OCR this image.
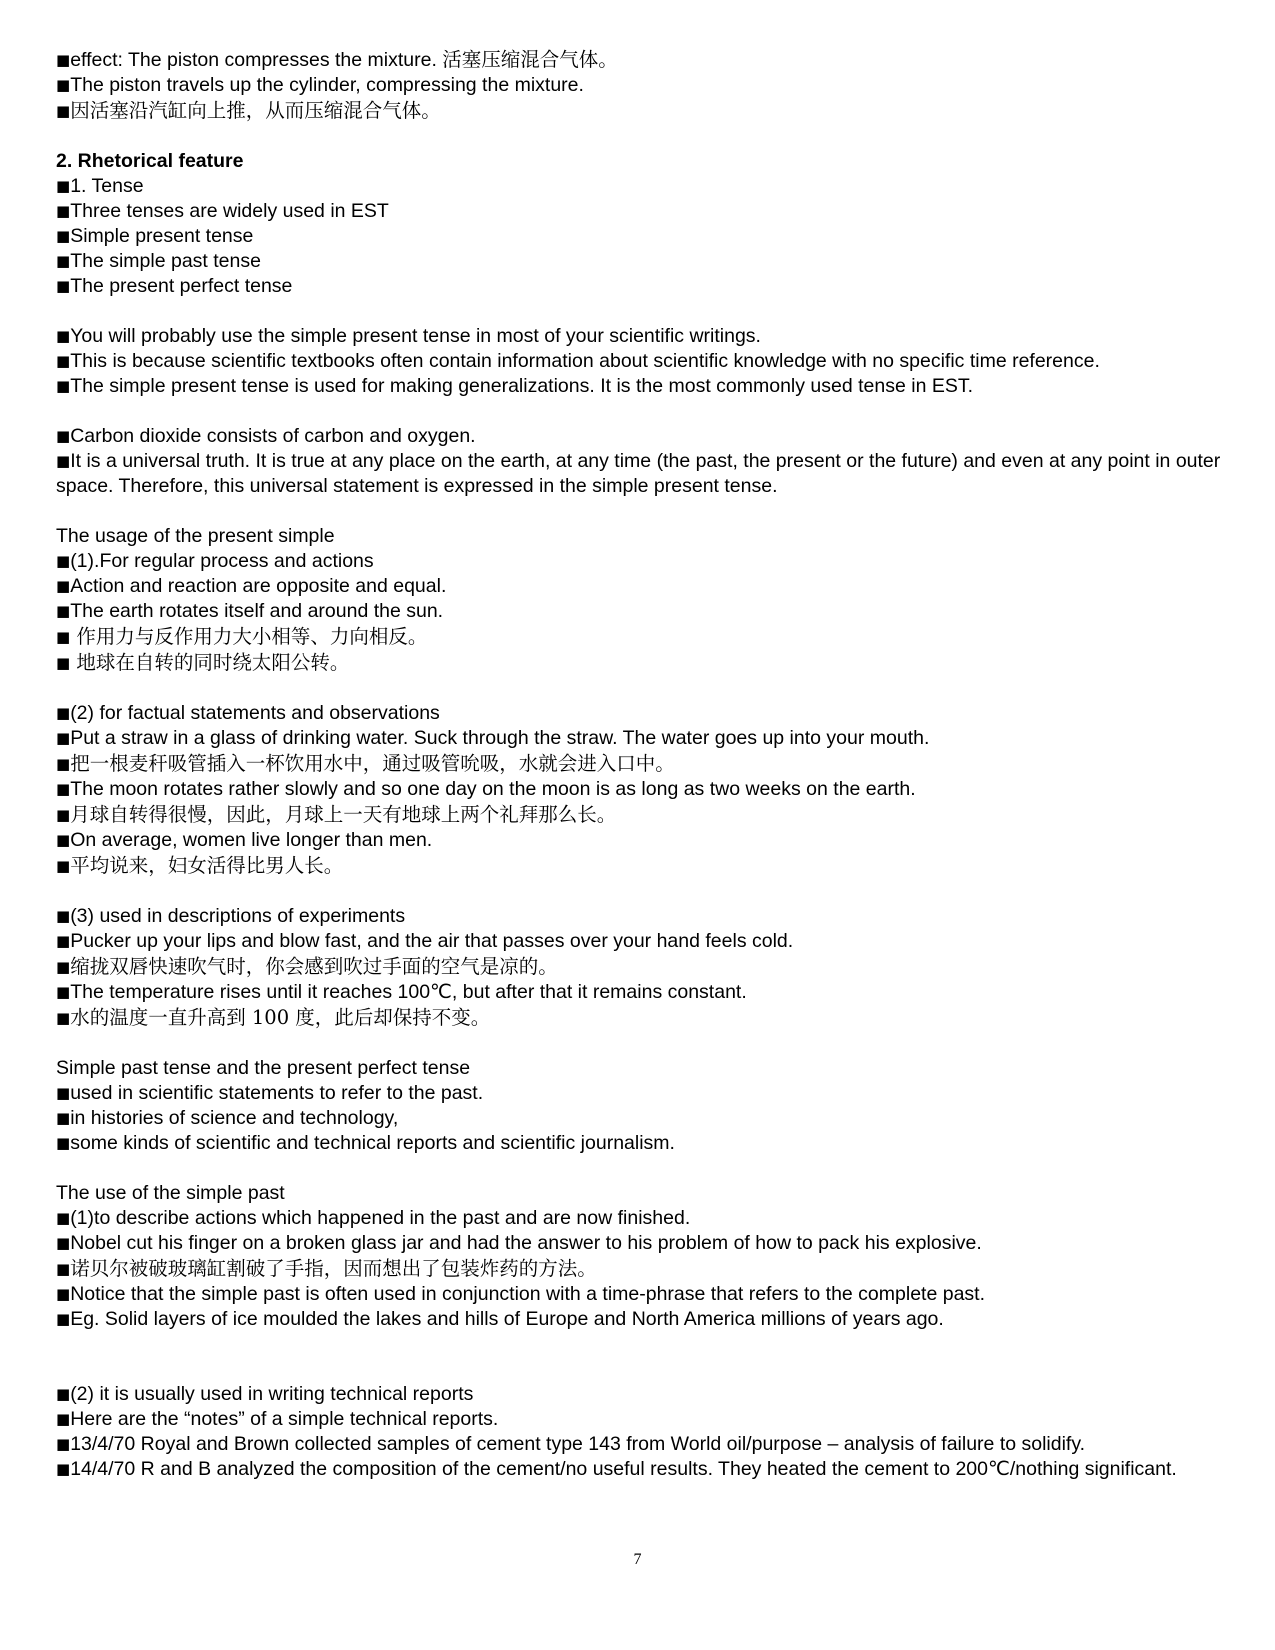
■effect: The piston compresses the mixture. 活塞压缩混合气体。
■The piston travels up the cylinder, compressing the mixture.
■因活塞沿汽缸向上推，从而压缩混合气体。
2. Rhetorical feature
■1. Tense
■Three tenses are widely used in EST
■Simple present tense
■The simple past tense
■The present perfect tense
■You will probably use the simple present tense in most of your scientific writings.
■This is because scientific textbooks often contain information about scientific knowledge with no specific time reference.
■The simple present tense is used for making generalizations. It is the most commonly used tense in EST.
■Carbon dioxide consists of carbon and oxygen.
■It is a universal truth. It is true at any place on the earth, at any time (the past, the present or the future) and even at any point in outer space. Therefore, this universal statement is expressed in the simple present tense.
The usage of the present simple
■(1).For regular process and actions
■Action and reaction are opposite and equal.
■The earth rotates itself and around the sun.
■ 作用力与反作用力大小相等、力向相反。
■ 地球在自转的同时绕太阳公转。
■(2) for factual statements and observations
■Put a straw in a glass of drinking water. Suck through the straw. The water goes up into your mouth.
■把一根麦秆吸管插入一杯饮用水中，通过吸管吮吸，水就会进入口中。
■The moon rotates rather slowly and so one day on the moon is as long as two weeks on the earth.
■月球自转得很慢，因此，月球上一天有地球上两个礼拜那么长。
■On average, women live longer than men.
■平均说来，妇女活得比男人长。
■(3) used in descriptions of experiments
■Pucker up your lips and blow fast, and the air that passes over your hand feels cold.
■缩拢双唇快速吹气时，你会感到吹过手面的空气是凉的。
■The temperature rises until it reaches 100℃, but after that it remains constant.
■水的温度一直升高到 100 度，此后却保持不变。
Simple past tense and the present perfect tense
■used in scientific statements to refer to the past.
■in histories of science and technology,
■some kinds of scientific and technical reports and scientific journalism.
The use of the simple past
■(1)to describe actions which happened in the past and are now finished.
■Nobel cut his finger on a broken glass jar and had the answer to his problem of how to pack his explosive.
■诺贝尔被破玻璃缸割破了手指，因而想出了包装炸药的方法。
■Notice that the simple past is often used in conjunction with a time-phrase that refers to the complete past.
■Eg. Solid layers of ice moulded the lakes and hills of Europe and North America millions of years ago.
■(2) it is usually used in writing technical reports
■Here are the “notes” of a simple technical reports.
■13/4/70 Royal and Brown collected samples of cement type 143 from World oil/purpose – analysis of failure to solidify.
■14/4/70 R and B analyzed the composition of the cement/no useful results. They heated the cement to 200℃/nothing significant.
7
